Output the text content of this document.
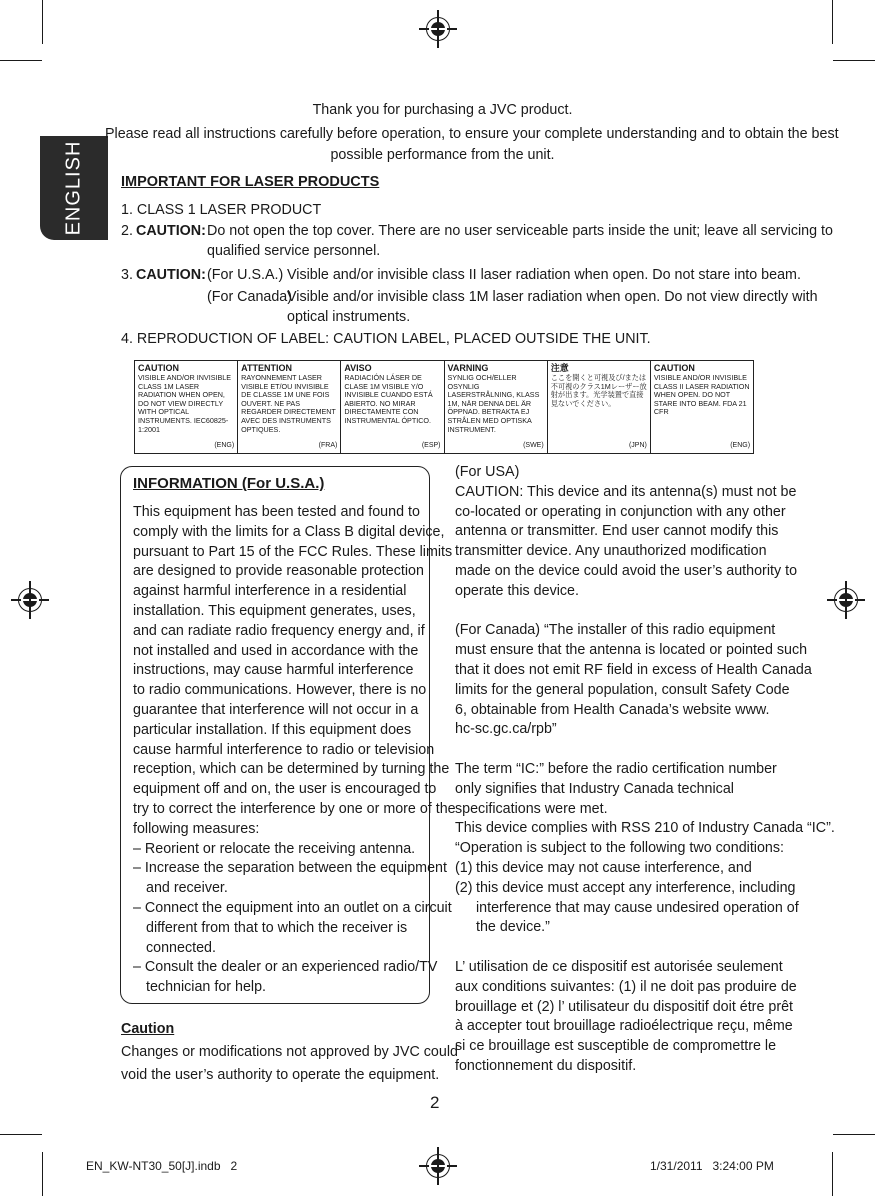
ENGLISH
Thank you for purchasing a JVC product.
Please read all instructions carefully before operation, to ensure your complete understanding and to obtain the best
possible performance from the unit.
IMPORTANT FOR LASER PRODUCTS
1. CLASS 1 LASER PRODUCT
2. CAUTION: Do not open the top cover. There are no user serviceable parts inside the unit; leave all servicing to
qualified service personnel.
3. CAUTION: (For U.S.A.) Visible and/or invisible class II laser radiation when open. Do not stare into beam.
(For Canada)
Visible and/or invisible class 1M laser radiation when open. Do not view directly with
optical instruments.
4. REPRODUCTION OF LABEL: CAUTION LABEL, PLACED OUTSIDE THE UNIT.
CAUTION
VISIBLE AND/OR INVISIBLE CLASS 1M LASER RADIATION WHEN OPEN, DO NOT VIEW DIRECTLY WITH OPTICAL INSTRUMENTS. IEC60825-1:2001
(ENG)
ATTENTION
RAYONNEMENT LASER VISIBLE ET/OU INVISIBLE DE CLASSE 1M UNE FOIS OUVERT. NE PAS REGARDER DIRECTEMENT AVEC DES INSTRUMENTS OPTIQUES.
(FRA)
AVISO
RADIACIÓN LÁSER DE CLASE 1M VISIBLE Y/O INVISIBLE CUANDO ESTÁ ABIERTO. NO MIRAR DIRECTAMENTE CON INSTRUMENTAL ÓPTICO.
(ESP)
VARNING
SYNLIG OCH/ELLER OSYNLIG LASERSTRÅLNING, KLASS 1M, NÄR DENNA DEL ÄR ÖPPNAD. BETRAKTA EJ STRÅLEN MED OPTISKA INSTRUMENT.
(SWE)
注意
ここを開くと可視及び/または不可視のクラス1Mレーザー放射が出ます。光学装置で直接見ないでください。
(JPN)
CAUTION
VISIBLE AND/OR INVISIBLE CLASS II LASER RADIATION WHEN OPEN. DO NOT STARE INTO BEAM. FDA 21 CFR
(ENG)
INFORMATION (For U.S.A.)
This equipment has been tested and found to
comply with the limits for a Class B digital device,
pursuant to Part 15 of the FCC Rules. These limits
are designed to provide reasonable protection
against harmful interference in a residential
installation. This equipment generates, uses,
and can radiate radio frequency energy and, if
not installed and used in accordance with the
instructions, may cause harmful interference
to radio communications. However, there is no
guarantee that interference will not occur in a
particular installation. If this equipment does
cause harmful interference to radio or television
reception, which can be determined by turning the
equipment off and on, the user is encouraged to
try to correct the interference by one or more of the
following measures:
– Reorient or relocate the receiving antenna.
– Increase the separation between the equipment
and receiver.
– Connect the equipment into an outlet on a circuit
different from that to which the receiver is
connected.
– Consult the dealer or an experienced radio/TV
technician for help.
Caution
Changes or modifications not approved by JVC could
void the user’s authority to operate the equipment.
(For USA)
CAUTION: This device and its antenna(s) must not be
co-located or operating in conjunction with any other
antenna or transmitter. End user cannot modify this
transmitter device. Any unauthorized modification
made on the device could avoid the user’s authority to
operate this device.
(For Canada) “The installer of this radio equipment
must ensure that the antenna is located or pointed such
that it does not emit RF field in excess of Health Canada
limits for the general population, consult Safety Code
6, obtainable from Health Canada’s website www.
hc-sc.gc.ca/rpb”
The term “IC:” before the radio certification number
only signifies that Industry Canada technical
specifications were met.
This device complies with RSS 210 of Industry Canada “IC”.
“Operation is subject to the following two conditions:
(1) this device may not cause interference, and
(2) this device must accept any interference, including
interference that may cause undesired operation of
the device.”
L’ utilisation de ce dispositif est autorisée seulement
aux conditions suivantes: (1) il ne doit pas produire de
brouillage et (2) l’ utilisateur du dispositif doit étre prêt
à accepter tout brouillage radioélectrique reçu, même
si ce brouillage est susceptible de compromettre le
fonctionnement du dispositif.
2
EN_KW-NT30_50[J].indb   2	1/31/2011   3:24:00 PM
